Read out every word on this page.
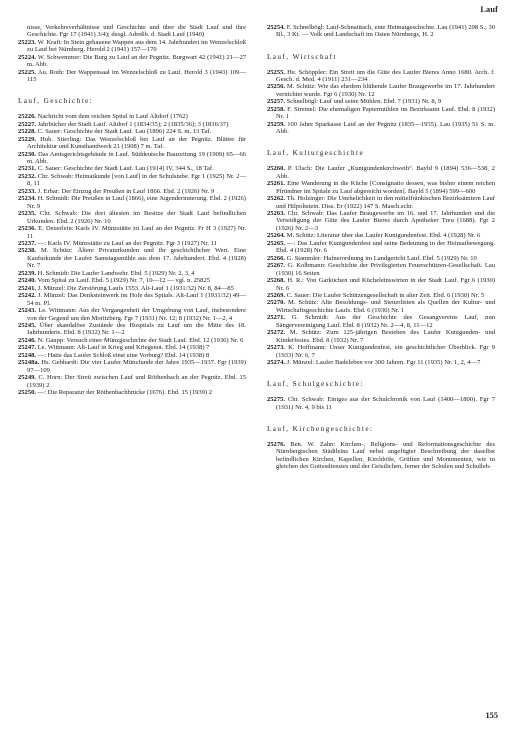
Lauf

nisse, Verkehrsverhältnisse und Geschichte und über die Stadt Lauf und ihre Geschichte. Fgr 17 (1941) 3/4); desgl. Adreßb. d. Stadt Lauf (1940)

25223. W. Kraft: In Stein gehauene Wappen aus dem 14. Jahrhundert im Wenzelschloß zu Lauf bei Nürnberg. Herold 2 (1941) 157—170

25224. W. Schwemmer: Die Burg zu Lauf an der Pegnitz. Burgwart 42 (1941) 21—27 m. Abb.

25225. Au. Roth: Der Wappensaal im Wenzelschloß zu Lauf. Herold 3 (1943) 109—115

Lauf, Geschichte:

25226. Nachricht vom dem reichen Spital in Lauf Altdorf (1762)

25227. Jahrbücher der Stadt Lauf. Altdorf 1 (1834/35); 2 (1835/36); 3 (1836/37)

25228. C. Sauer: Geschichte der Stadt Lauf. Lau (1896) 224 S. m. 13 Taf.

25229. Hub. Stierling: Das Wenzelschloß bei Lauf an der Pegnitz. Blätter für Architektur und Kunsthandwerk 21 (1908) 7 m. Taf.

25230. Das Amtsgerichtsgebäude in Lauf. Süddeutsche Bauzeitung 19 (1909) 65—66 m. Abb.

25231. C. Sauer: Geschichte der Stadt Lauf. Lau (1914) IV, 344 S., 18 Taf.

25232. Chr. Schwab: Heimatkunde [von Lauf] in der Schulstube. Fgr 1 (1925) Nr. 2—8, 11

25233. J. Erbar: Der Einzug der Preußen in Lauf 1866. Ebd. 2 (1926) Nr. 9

25234. H. Schmidt: Die Preußen in Lauf (1866), eine Jugenderinnerung. Ebd. 2 (1926) Nr. 9

25235. Chr. Schwab: Die drei ältesten im Besitze der Stadt Lauf befindlichen Urkunden. Ebd. 2 (1926) Nr. 10

25236. E. Deuerlein: Karls IV. Münzstätte zu Lauf an der Pegnitz. Fr H 3 (1927) Nr. 11

25237. —: Karls IV. Münzstätte zu Lauf an der Pegnitz. Fgr 3 (1927) Nr. 11

25238. M. Schütz: Ältere Privaturkunden und ihr geschichtlicher Wert. Eine Kaufurkunde der Laufer Samstagsmühle aus dem 17. Jahrhundert. Ebd. 4 (1928) Nr. 7

25239. H. Schmidt: Die Laufer Landwehr. Ebd. 5 (1929) Nr. 2, 3, 4

25240. Vom Spital zu Lauf. Ebd. 5 (1929) Nr. 7, 10—12 — vgl. n. 25825

25241. J. Münzel: Die Zerstörung Laufs 1553. Alt-Lauf 1 (1931/32) Nr. 8, 84—85

25242. J. Münzel: Das Denksteinwerk im Hofe des Spitals. Alt-Lauf 1 (1931/32) 49—54 m. Pl.

25243. Le. Wittmann: Aus der Vergangenheit der Umgebung von Lauf, insbesondere von der Gegend um den Moritzberg. Fgr 7 (1931) Nr. 12; 8 (1932) Nr. 1—2, 4

25245. Über skandalöse Zustände des Hospitals zu Lauf um die Mitte des 18. Jahrhunderts. Ebd. 8 (1932) Nr. 1—2

25246. N. Gaupp: Versuch einer Münzgeschichte der Stadt Lauf. Ebd. 12 (1936) Nr. 6

25247. Le. Wittmann: Alt-Lauf in Krieg und Kriegsnot. Ebd. 14 (1938) 7

25248. —: Hatte das Laufer Schloß einst eine Vorburg? Ebd. 14 (1938) 8

25248a. Hs. Gebhardt: Die vier Laufer Münzfunde der Jahre 1935—1937. Fgr (1939) 97—109

25249. C. Horn: Der Streit zwischen Lauf und Röthenbach an der Pegnitz. Ebd. 15 (1939) 2

25250. —: Die Reparatur der Röthenbachbrücke (1676). Ebd. 15 (1939) 2

25254. F. Schnelbögl: Lauf-Schnaittach, eine Heimatgeschichte. Lau (1941) 298 S., 30 Bl., 3 Kt. — Volk und Landschaft im Osten Nürnbergs, H. 2

Lauf, Wirtschaft

25255. He. Schöppler: Ein Streit um die Güte des Laufer Bieres Anno 1680. Arch. f. Gesch. d. Med. 4 (1911) 231—234

25256. M. Schütz: Wie das ehedem blühende Laufer Braugewerbe im 17. Jahrhundert vernichtet wurde. Fgr 6 (1930) Nr. 12

25257. Schnelbögl: Lauf und seine Mühlen. Ebd. 7 (1931) Nr. 8, 9

25258. F. Stremel: Die ehemaligen Papiermühlen im Bezirksamt Lauf. Ebd. 8 (1932) Nr. 1

25259. 100 Jahre Sparkasse Lauf an der Pegnitz (1835—1935). Lau (1935) 51 S. m. Abb.

Lauf, Kulturgeschichte

25260. P. Ulsch: Die Laufer „Kunigundenkirchweih“. Bayld 9 (1894) 536—538, 2 Abb.

25261. Eine Wanderung in die Küche [Consignatio dessen, was bisher einem reichen Pfründner im Spitale zu Lauf abgereicht worden]. Bayld 5 (1894) 599—600

25262. Th. Holzinger: Die Unehelichkeit in den mittelfränkischen Bezirksämtern Lauf und Hilpoltstein. Diss. Er (1922) 147 S. Masch.schr.

25263. Chr. Schwab: Das Laufer Braugewerbe im 16. und 17. Jahrhundert und die Verteidigung der Güte des Laufer Bieres durch Apotheker Treu (1688). Fgr 2 (1926) Nr. 2—3

25264. M. Schütz: Literatur über das Laufer Kunigundenfest. Ebd. 4 (1928) Nr. 6

25265. —: Das Laufer Kunigundenfest und seine Bedeutung in der Heimatbewegung. Ebd. 4 (1928) Nr. 6

25266. G. Stammler: Hafnerordnung im Landgericht Lauf. Ebd. 5 (1929) Nr. 10

25267. G. Kolbmann: Geschichte der Privilegierten Feuerschützen-Gesellschaft. Lau (1930) 16 Seiten

25268. H. R.: Von Garküchen und Kücheleinswirten in der Stadt Lauf. Fgr 6 (1930) Nr. 6

25269. C. Sauer: Die Laufer Schützengesellschaft in alter Zeit. Ebd. 6 (1930) Nr. 5

25270. M. Schütz: Alte Besoldungs- und Steuerlisten als Quellen der Kultur- und Wirtschaftsgeschichte Laufs. Ebd. 6 (1930) Nr. 1

25271. G. Schmidt: Aus der Geschichte des Gesangvereins Lauf, nun Sängervereinigung Lauf. Ebd. 8 (1932) Nr. 2—4, 8, 11—12

25272. M. Schütz: Zum 125-jährigen Bestehen des Laufer Kunigunden- und Kinderfestes. Ebd. 8 (1932) Nr. 7

25273. K. Hoffmann: Unser Kunigundenfest, ein geschichtlicher Überblick. Fgr 9 (1933) Nr. 6, 7

25274. J. Münzel: Laufer Badeleben vor 300 Jahren. Fgr 11 (1935) Nr. 1, 2, 4—7

Lauf, Schulgeschichte:

25275. Chr. Schwab: Einiges aus der Schulchronik von Lauf (1400—1800). Fgr 7 (1931) Nr. 4, 9 bis 11

Lauf, Kirchengeschichte:

25276. Ben. W. Zahn: Kirchen-, Religions- und Reformationsgeschichte des Nürnbergischen Städtleins Lauf nebst angefügter Beschreibung der daselbst befindlichen Kirchen, Kapellen, Kirchhöfe, Grüften und Monumenten, wie in gleichen des Gottesdienstes und der Geistlichen, ferner der Schulen und Schulleh-

155
